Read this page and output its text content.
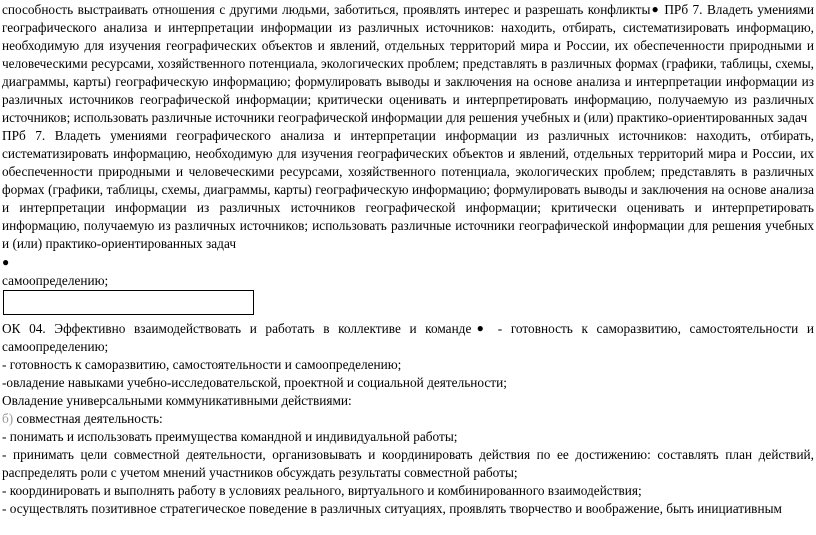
способность выстраивать отношения с другими людьми, заботиться, проявлять интерес и разрешать конфликты● ПРб 7. Владеть умениями географического анализа и интерпретации информации из различных источников: находить, отбирать, систематизировать информацию, необходимую для изучения географических объектов и явлений, отдельных территорий мира и России, их обеспеченности природными и человеческими ресурсами, хозяйственного потенциала, экологических проблем; представлять в различных формах (графики, таблицы, схемы, диаграммы, карты) географическую информацию; формулировать выводы и заключения на основе анализа и интерпретации информации из различных источников географической информации; критически оценивать и интерпретировать информацию, получаемую из различных источников; использовать различные источники географической информации для решения учебных и (или) практико-ориентированных задач

ПРб 7. Владеть умениями географического анализа и интерпретации информации из различных источников: находить, отбирать, систематизировать информацию, необходимую для изучения географических объектов и явлений, отдельных территорий мира и России, их обеспеченности природными и человеческими ресурсами, хозяйственного потенциала, экологических проблем; представлять в различных формах (графики, таблицы, схемы, диаграммы, карты) географическую информацию; формулировать выводы и заключения на основе анализа и интерпретации информации из различных источников географической информации; критически оценивать и интерпретировать информацию, получаемую из различных источников; использовать различные источники географической информации для решения учебных и (или) практико-ориентированных задач

●

самоопределению;

ОК 04. Эффективно взаимодействовать и работать в коллективе и команде● - готовность к саморазвитию, самостоятельности и самоопределению;

- готовность к саморазвитию, самостоятельности и самоопределению;

-овладение навыками учебно-исследовательской, проектной и социальной деятельности;

Овладение универсальными коммуникативными действиями:

б) совместная деятельность:

- понимать и использовать преимущества командной и индивидуальной работы;

- принимать цели совместной деятельности, организовывать и координировать действия по ее достижению: составлять план действий, распределять роли с учетом мнений участников обсуждать результаты совместной работы;

- координировать и выполнять работу в условиях реального, виртуального и комбинированного взаимодействия;

- осуществлять позитивное стратегическое поведение в различных ситуациях, проявлять творчество и воображение, быть инициативным
